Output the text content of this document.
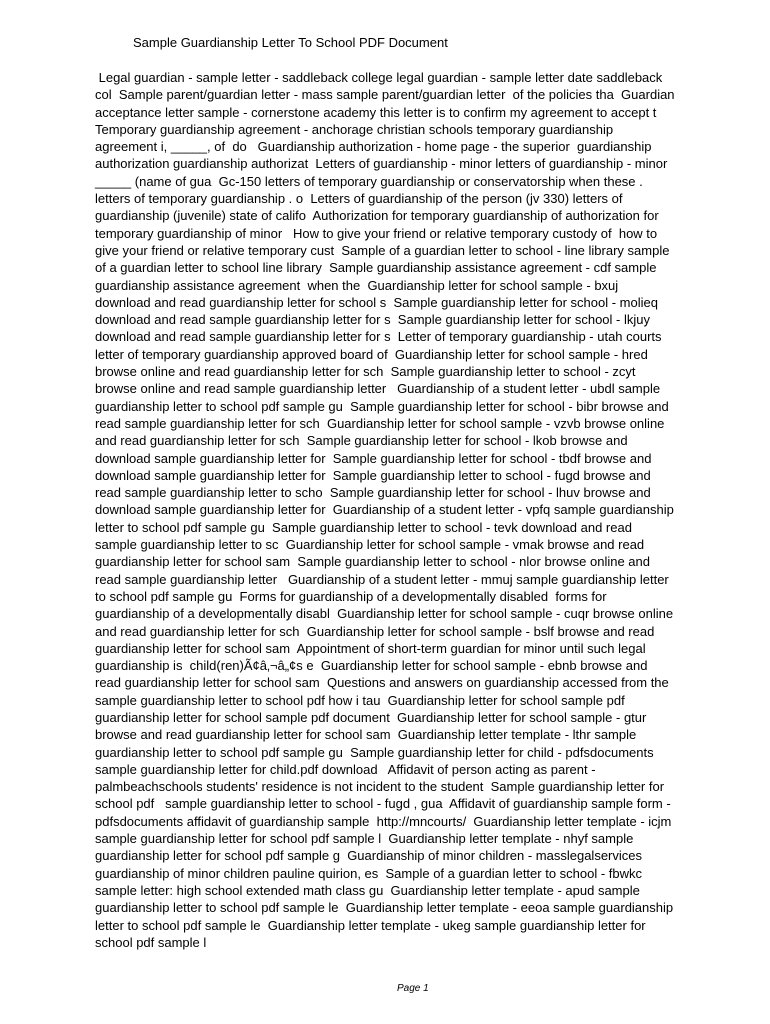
Sample Guardianship Letter To School PDF Document
Legal guardian - sample letter - saddleback college legal guardian - sample letter date saddleback
col  Sample parent/guardian letter - mass sample parent/guardian letter  of the policies tha  Guardian
acceptance letter sample - cornerstone academy this letter is to confirm my agreement to accept t
Temporary guardianship agreement - anchorage christian schools temporary guardianship
agreement i, _____, of  do   Guardianship authorization - home page - the superior  guardianship
authorization guardianship authorizat  Letters of guardianship - minor letters of guardianship - minor
_____ (name of gua  Gc-150 letters of temporary guardianship or conservatorship when these .
letters of temporary guardianship . o  Letters of guardianship of the person (jv 330) letters of
guardianship (juvenile) state of califo  Authorization for temporary guardianship of authorization for
temporary guardianship of minor   How to give your friend or relative temporary custody of  how to
give your friend or relative temporary cust  Sample of a guardian letter to school - line library sample
of a guardian letter to school line library  Sample guardianship assistance agreement - cdf sample
guardianship assistance agreement  when the  Guardianship letter for school sample - bxuj
download and read guardianship letter for school s  Sample guardianship letter for school - molieq
download and read sample guardianship letter for s  Sample guardianship letter for school - lkjuy
download and read sample guardianship letter for s  Letter of temporary guardianship - utah courts
letter of temporary guardianship approved board of  Guardianship letter for school sample - hred
browse online and read guardianship letter for sch  Sample guardianship letter to school - zcyt
browse online and read sample guardianship letter   Guardianship of a student letter - ubdl sample
guardianship letter to school pdf sample gu  Sample guardianship letter for school - bibr browse and
read sample guardianship letter for sch  Guardianship letter for school sample - vzvb browse online
and read guardianship letter for sch  Sample guardianship letter for school - lkob browse and
download sample guardianship letter for  Sample guardianship letter for school - tbdf browse and
download sample guardianship letter for  Sample guardianship letter to school - fugd browse and
read sample guardianship letter to scho  Sample guardianship letter for school - lhuv browse and
download sample guardianship letter for  Guardianship of a student letter - vpfq sample guardianship
letter to school pdf sample gu  Sample guardianship letter to school - tevk download and read
sample guardianship letter to sc  Guardianship letter for school sample - vmak browse and read
guardianship letter for school sam  Sample guardianship letter to school - nlor browse online and
read sample guardianship letter   Guardianship of a student letter - mmuj sample guardianship letter
to school pdf sample gu  Forms for guardianship of a developmentally disabled  forms for
guardianship of a developmentally disabl  Guardianship letter for school sample - cuqr browse online
and read guardianship letter for sch  Guardianship letter for school sample - bslf browse and read
guardianship letter for school sam  Appointment of short-term guardian for minor until such legal
guardianship is  child(ren)Ã¢â‚¬â„¢s e  Guardianship letter for school sample - ebnb browse and
read guardianship letter for school sam  Questions and answers on guardianship accessed from the
sample guardianship letter to school pdf how i tau  Guardianship letter for school sample pdf
guardianship letter for school sample pdf document  Guardianship letter for school sample - gtur
browse and read guardianship letter for school sam  Guardianship letter template - lthr sample
guardianship letter to school pdf sample gu  Sample guardianship letter for child - pdfsdocuments
sample guardianship letter for child.pdf download   Affidavit of person acting as parent -
palmbeachschools students' residence is not incident to the student  Sample guardianship letter for
school pdf   sample guardianship letter to school - fugd , gua  Affidavit of guardianship sample form -
pdfsdocuments affidavit of guardianship sample  http://mncourts/  Guardianship letter template - icjm
sample guardianship letter for school pdf sample l  Guardianship letter template - nhyf sample
guardianship letter for school pdf sample g  Guardianship of minor children - masslegalservices
guardianship of minor children pauline quirion, es  Sample of a guardian letter to school - fbwkc
sample letter: high school extended math class gu  Guardianship letter template - apud sample
guardianship letter to school pdf sample le  Guardianship letter template - eeoa sample guardianship
letter to school pdf sample le  Guardianship letter template - ukeg sample guardianship letter for
school pdf sample l
Page 1
